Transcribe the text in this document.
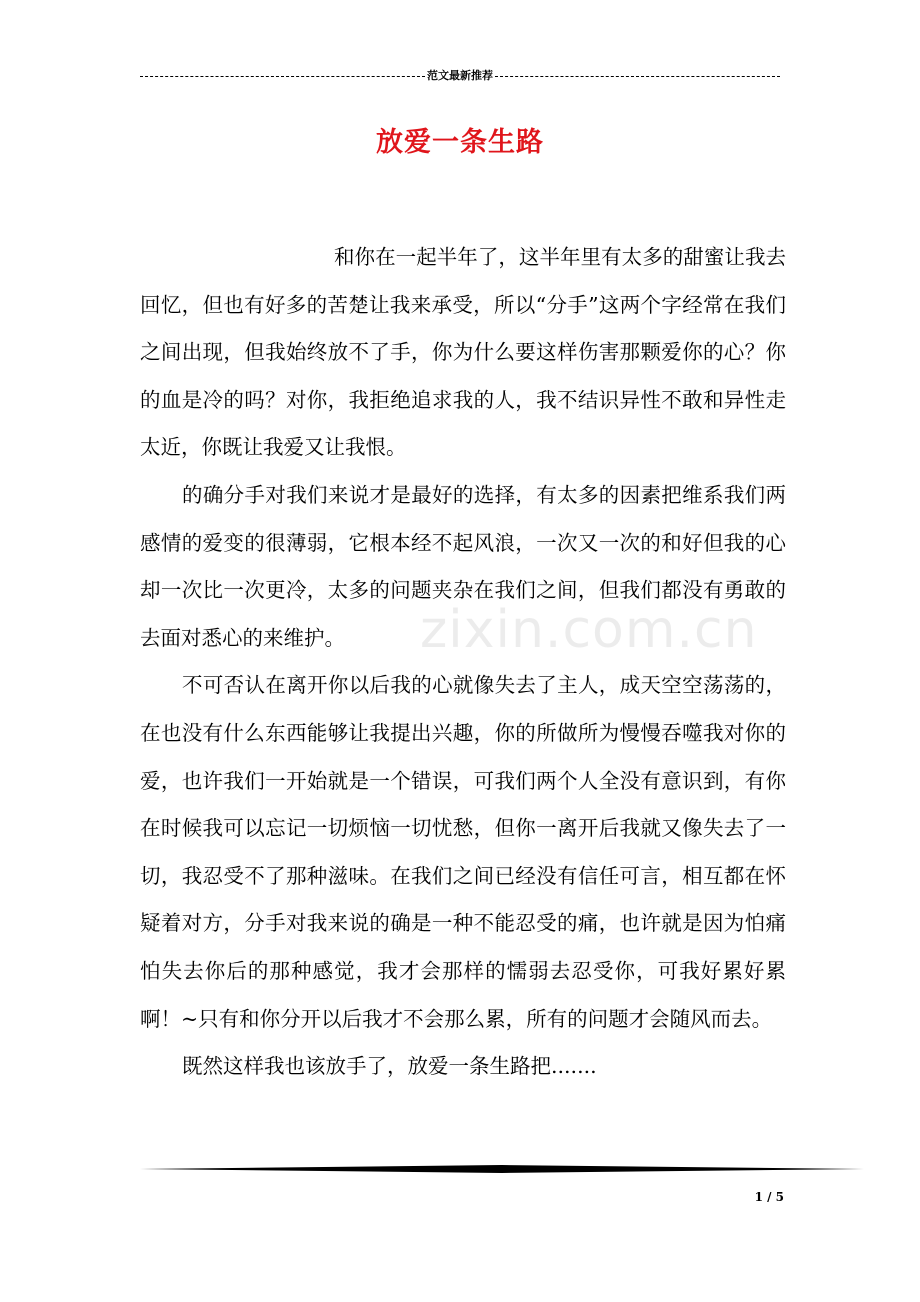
范文最新推荐
放爱一条生路

和你在一起半年了，这半年里有太多的甜蜜让我去回忆，但也有好多的苦楚让我来承受，所以“分手”这两个字经常在我们之间出现，但我始终放不了手，你为什么要这样伤害那颗爱你的心？你的血是冷的吗？对你，我拒绝追求我的人，我不结识异性不敢和异性走太近，你既让我爱又让我恨。

的确分手对我们来说才是最好的选择，有太多的因素把维系我们两感情的爱变的很薄弱，它根本经不起风浪，一次又一次的和好但我的心却一次比一次更冷，太多的问题夹杂在我们之间，但我们都没有勇敢的去面对悉心的来维护。

不可否认在离开你以后我的心就像失去了主人，成天空空荡荡的，在也没有什么东西能够让我提出兴趣，你的所做所为慢慢吞噬我对你的爱，也许我们一开始就是一个错误，可我们两个人全没有意识到，有你在时候我可以忘记一切烦恼一切忧愁，但你一离开后我就又像失去了一切，我忍受不了那种滋味。在我们之间已经没有信任可言，相互都在怀疑着对方，分手对我来说的确是一种不能忍受的痛，也许就是因为怕痛怕失去你后的那种感觉，我才会那样的懦弱去忍受你，可我好累好累啊！~只有和你分开以后我才不会那么累，所有的问题才会随风而去。

既然这样我也该放手了，放爱一条生路把.......

zixin.com.cn
1 / 5
